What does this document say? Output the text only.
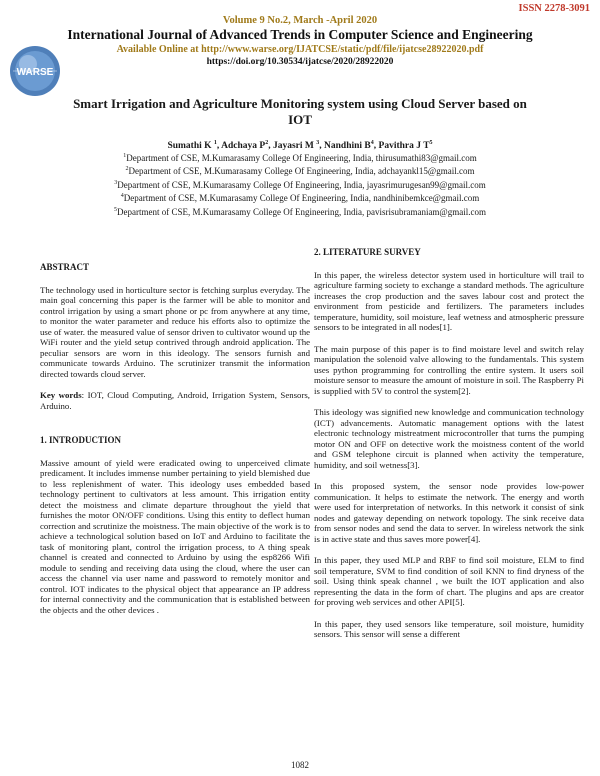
ISSN 2278-3091
Volume 9 No.2, March -April 2020
International Journal of Advanced Trends in Computer Science and Engineering
Available Online at http://www.warse.org/IJATCSE/static/pdf/file/ijatcse28922020.pdf
https://doi.org/10.30534/ijatcse/2020/28922020
WARSE
Smart Irrigation and Agriculture Monitoring system using Cloud Server based on IOT
Sumathi K $^1$, Adchaya $P^2$, Jayasri M $^3$, Nandhini $B^4$, Pavithra J $T^5$
$^1$Department of CSE, M.Kumarasamy College Of Engineering, India, thirusumathi83@gmail.com
$^2$Department of CSE, M.Kumarasamy College Of Engineering, India, adchayankl15@gmail.com
$^3$Department of CSE, M.Kumarasamy College Of Engineering, India, jayasrimurugesan99@gmail.com
$^4$Department of CSE, M.Kumarasamy College Of Engineering, India, nandhinibemkce@gmail.com
$^5$Department of CSE, M.Kumarasamy College Of Engineering, India, pavisrisubramaniam@gmail.com
ABSTRACT

The technology used in horticulture sector is fetching surplus everyday. The main goal concerning this paper is the farmer will be able to monitor and control irrigation by using a smart phone or pc from anywhere at any time, to monitor the water parameter and reduce his efforts also to optimize the use of water. the measured value of sensor driven to cultivator wound up the WiFi router and the yield setup contrived through android application. The peculiar sensors are worn in this ideology. The sensors furnish and communicate towards Arduino. The scrutinizer transmit the information directed towards cloud server.

Key words: IOT, Cloud Computing, Android, Irrigation System, Sensors, Arduino.

1. INTRODUCTION

Massive amount of yield were eradicated owing to unperceived climate predicament. It includes immense number pertaining to yield blemished due to less replenishment of water. This ideology uses embedded based technology pertinent to cultivators at less amount. This irrigation entity detect the moistness and climate departure throughout the yield that furnishes the motor ON/OFF conditions. Using this entity to deflect human correction and scrutinize the moistness. The main objective of the work is to achieve a technological solution based on IoT and Arduino to facilitate the task of monitoring plant, control the irrigation process, to A thing speak channel is created and connected to Arduino by using the esp8266 Wifi module to sending and receiving data using the cloud, where the user can access the channel via user name and password to remotely monitor and control. IOT indicates to the physical object that appearance an IP address for internal connectivity and the communication that is established between the objects and the other devices .

2. LITERATURE SURVEY

In this paper, the wireless detector system used in horticulture will trail to agriculture farming society to exchange a standard methods. The agriculture increases the crop production and the saves labour cost and protect the environment from pesticide and fertilizers. The parameters includes temperature, humidity, soil moisture, leaf wetness and atmospheric pressure sensors to be integrated in all nodes[1].

The main purpose of this paper is to find moistare level and switch relay manipulation the solenoid valve allowing to the fundamentals. This system uses python programming for controlling the entire system. It users soil moisture sensor to measure the amount of moisture in soil. The Raspberry Pi is supplied with 5V to control the system[2].

This ideology was signified new knowledge and communication technology (ICT) advancements. Automatic management options with the latest electronic technology mistreatment microcontroller that turns the pumping motor ON and OFF on detective work the moistness content of the world and GSM telephone circuit is planned when activity the temperature, humidity, and soil wetness[3].

In this proposed system, the sensor node provides low-power communication. It helps to estimate the network. The energy and worth were used for interpretation of networks. In this network it consist of sink nodes and gateway depending on network topology. The sink receive data from sensor nodes and send the data to server. In wireless network the sink is in active state and thus saves more power[4].

In this paper, they used MLP and RBF to find soil moisture, ELM to find soil temperature, SVM to find condition of soil KNN to find dryness of the soil. Using think speak channel , we built the IOT application and also representing the data in the form of chart. The plugins and aps are creator for proving web services and other API[5].

In this paper, they used sensors like temperature, soil moisture, humidity sensors. This sensor will sense a different

1082
